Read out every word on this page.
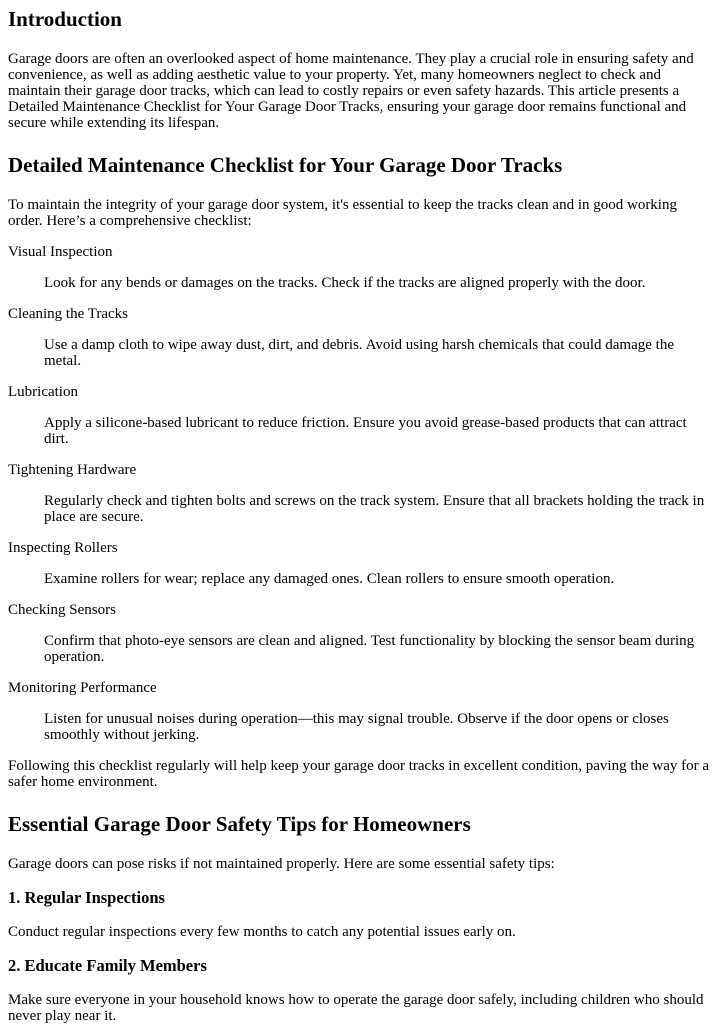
Introduction

Garage doors are often an overlooked aspect of home maintenance. They play a crucial role in ensuring safety and convenience, as well as adding aesthetic value to your property. Yet, many homeowners neglect to check and maintain their garage door tracks, which can lead to costly repairs or even safety hazards. This article presents a Detailed Maintenance Checklist for Your Garage Door Tracks, ensuring your garage door remains functional and secure while extending its lifespan.

Detailed Maintenance Checklist for Your Garage Door Tracks

To maintain the integrity of your garage door system, it's essential to keep the tracks clean and in good working order. Here’s a comprehensive checklist:

Visual Inspection
Look for any bends or damages on the tracks. Check if the tracks are aligned properly with the door.
Cleaning the Tracks
Use a damp cloth to wipe away dust, dirt, and debris. Avoid using harsh chemicals that could damage the metal.
Lubrication
Apply a silicone-based lubricant to reduce friction. Ensure you avoid grease-based products that can attract dirt.
Tightening Hardware
Regularly check and tighten bolts and screws on the track system. Ensure that all brackets holding the track in place are secure.
Inspecting Rollers
Examine rollers for wear; replace any damaged ones. Clean rollers to ensure smooth operation.
Checking Sensors
Confirm that photo-eye sensors are clean and aligned. Test functionality by blocking the sensor beam during operation.
Monitoring Performance
Listen for unusual noises during operation—this may signal trouble. Observe if the door opens or closes smoothly without jerking.

Following this checklist regularly will help keep your garage door tracks in excellent condition, paving the way for a safer home environment.

Essential Garage Door Safety Tips for Homeowners

Garage doors can pose risks if not maintained properly. Here are some essential safety tips:

1. Regular Inspections

Conduct regular inspections every few months to catch any potential issues early on.

2. Educate Family Members

Make sure everyone in your household knows how to operate the garage door safely, including children who should never play near it.
